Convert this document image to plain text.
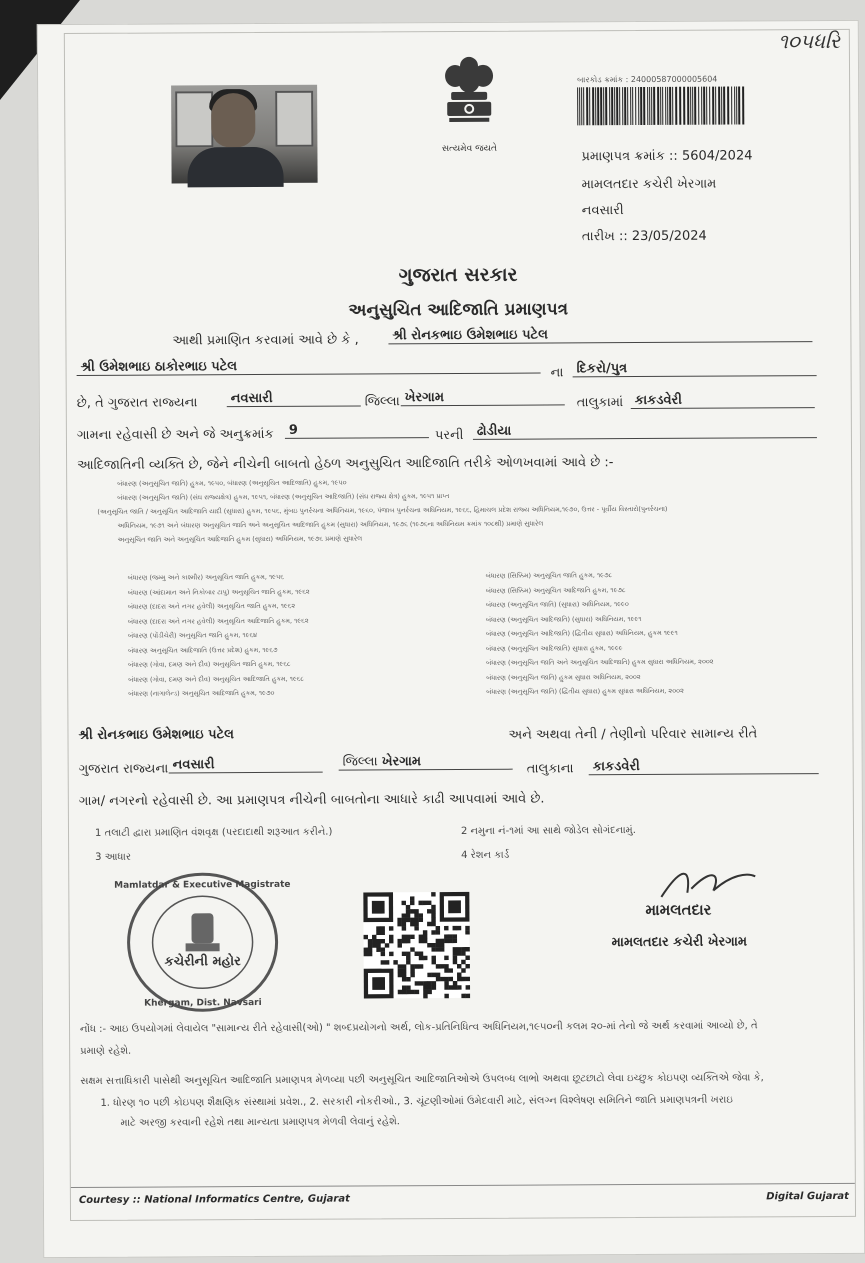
૧૦૫ધરિ
સત્યમેવ જયતે
બારકોડ ક્રમાંક : 24000587000005604
પ્રમાણપત્ર ક્રમાંક :: 5604/2024
મામલતદાર કચેરી ખેરગામ
નવસારી
તારીખ :: 23/05/2024
ગુજરાત સરકાર
અનુસુચિત આદિજાતિ પ્રમાણપત્ર
આથી પ્રમાણિત કરવામાં આવે છે કે ,	શ્રી રોનકભાઇ ઉમેશભાઇ પટેલ
શ્રી ઉમેશભાઇ ઠાકોરભાઇ પટેલ	ના	દિકરો/પુત્ર
છે, તે ગુજરાત રાજ્યના	નવસારી	જિલ્લા ખેરગામ	તાલુકામાં કાકડવેરી
ગામના રહેવાસી છે અને જે અનુક્રમાંક	9	પરની	ઢોડીયા
આદિજાતિની વ્યક્તિ છે, જેને નીચેની બાબતો હેઠળ અનુસુચિત આદિજાતિ તરીકે ઓળખવામાં આવે છે :-
બંધારણ (અનુસૂચિત જાતિ) હુકમ, ૧૯૫૦, બંધારણ (અનુસૂચિત આદિજાતિ) હુકમ, ૧૯૫૦
બંધારણ (અનુસૂચિત જાતિ) (સંઘ રાજ્યક્ષેત્ર) હુકમ, ૧૯૫૧, બંધારણ (અનુસૂચિત આદિજાતિ) (સંઘ રાજ્ય ક્ષેત્ર) હુકમ, ૧૯૫૧ પ્રાપ્ત
(અનુસૂચિત જાતિ / અનુસૂચિત આદિજાતિ યાદી (સુધારા) હુકમ, ૧૯૫૬, મુંબઇ પુનર્રચના અધિનિયમ, ૧૯૬૦, પંજાબ પુનર્રચના અધિનિયમ, ૧૯૬૬, હિમાચલ પ્રદેશ રાજ્ય અધિનિયમ,૧૯૭૦, ઉત્તર - પૂર્વીય વિસ્તારો(પુનર્રચના)
અધિનિયમ, ૧૯૭૧ અને બંધારણ અનુસૂચિત જાતિ અને અનુસૂચિત આદિજાતિ હુકમ (સુધારા) અધિનિયમ, ૧૯૭૬ (૧૯૭૬ના અધિનિયમ ક્રમાંક ૧૦૮થી) પ્રમાણે સુધારેલ
અનુસૂચિત જાતિ અને અનુસૂચિત આદિજાતિ હુકમ (સુધારા) અધિનિયમ, ૧૯૭૬ પ્રમાણે સુધારેલ
બંધારણ (જમ્મુ અને કાશ્મીર) અનુસૂચિત જાતિ હુકમ, ૧૯૫૬
બંધારણ (આંદામાન અને નિકોબાર ટાપુ) અનુસૂચિત જાતિ હુકમ, ૧૯૬૨
બંધારણ (દાદરા અને નગર હવેલી) અનુસૂચિત જાતિ હુકમ, ૧૯૬૨
બંધારણ (દાદરા અને નગર હવેલી) અનુસૂચિત આદિજાતિ હુકમ, ૧૯૬૨
બંધારણ (પોંડીચેરી) અનુસૂચિત જાતિ હુકમ, ૧૯૬૪
બંધારણ અનુસૂચિત આદિજાતિ (ઉત્તર પ્રદેશ) હુકમ, ૧૯૬૭
બંધારણ (ગોવા, દમણ અને દીવ) અનુસૂચિત જાતિ હુકમ, ૧૯૬૮
બંધારણ (ગોવા, દમણ અને દીવ) અનુસૂચિત આદિજાતિ હુકમ, ૧૯૬૮
બંધારણ (નાગાલેન્ડ) અનુસૂચિત આદિજાતિ હુકમ, ૧૯૭૦
બંધારણ (સિક્કિમ) અનુસૂચિત જાતિ હુકમ, ૧૯૭૮
બંધારણ (સિક્કિમ) અનુસૂચિત આદિજાતિ હુકમ, ૧૯૭૮
બંધારણ (અનુસૂચિત જાતિ) (સુધારા) અધિનિયમ, ૧૯૯૦
બંધારણ (અનુસૂચિત આદિજાતિ) (સુધારા) અધિનિયમ, ૧૯૯૧
બંધારણ (અનુસૂચિત આદિજાતિ) (દ્વિતીય સુધારા) અધિનિયમ, હુકમ ૧૯૯૧
બંધારણ (અનુસૂચિત આદિજાતિ) સુધારા હુકમ, ૧૯૯૯
બંધારણ (અનુસૂચિત જાતિ અને અનુસૂચિત આદિજાતિ) હુકમ સુધારા અધિનિયમ, ૨૦૦૨
બંધારણ (અનુસૂચિત જાતિ) હુકમ સુધારા અધિનિયમ, ૨૦૦૨
બંધારણ (અનુસૂચિત જાતિ) (દ્વિતીય સુધારા) હુકમ સુધારા અધિનિયમ, ૨૦૦૨
શ્રી રોનકભાઇ ઉમેશભાઇ પટેલ	અને અથવા તેની / તેણીનો પરિવાર સામાન્ય રીતે
ગુજરાત રાજ્યના નવસારી	જિલ્લા ખેરગામ	તાલુકાના	કાકડવેરી
ગામ/ નગરનો રહેવાસી છે. આ પ્રમાણપત્ર નીચેની બાબતોના આધારે કાઢી આપવામાં આવે છે.
1 તલાટી દ્વારા પ્રમાણિત વંશવૃક્ષ (પરદાદાથી શરૂઆત કરીને.)	2 નમુના નં-૧માં આ સાથે જોડેલ સોગંદનામું.
3 આધાર	4 રેશન કાર્ડ
કચેરીની મહોર
Mamlatdar & Executive Magistrate
Khergam, Dist. Navsari
મામલતદાર
મામલતદાર કચેરી ખેરગામ
નોંધ :- આઇ ઉપયોગમાં લેવાયેલ "સામાન્ય રીતે રહેવાસી(ઓ) " શબ્દપ્રયોગનો અર્થ, લોક-પ્રતિનિધિત્વ અધિનિયમ,૧૯૫૦ની કલમ ૨૦-માં તેનો જે અર્થ કરવામાં આવ્યો છે, તે
પ્રમાણે રહેશે.
સક્ષમ સત્તાધિકારી પાસેથી અનુસૂચિત આદિજાતિ પ્રમાણપત્ર મેળવ્યા પછી અનુસૂચિત આદિજાતિઓએ ઉપલબ્ધ લાભો અથવા છૂટછાટો લેવા ઇચ્છુક કોઇપણ વ્યક્તિએ જેવા કે,
1. ધોરણ ૧૦ પછી કોઇપણ શૈક્ષણિક સંસ્થામાં પ્રવેશ., 2. સરકારી નોકરીઓ., 3. ચૂંટણીઓમાં ઉમેદવારી માટે, સંલગ્ન વિશ્લેષણ સમિતિને જાતિ પ્રમાણપત્રની ખરાઇ
માટે અરજી કરવાની રહેશે તથા માન્યતા પ્રમાણપત્ર મેળવી લેવાનું રહેશે.
Courtesy :: National Informatics Centre, Gujarat	Digital Gujarat
